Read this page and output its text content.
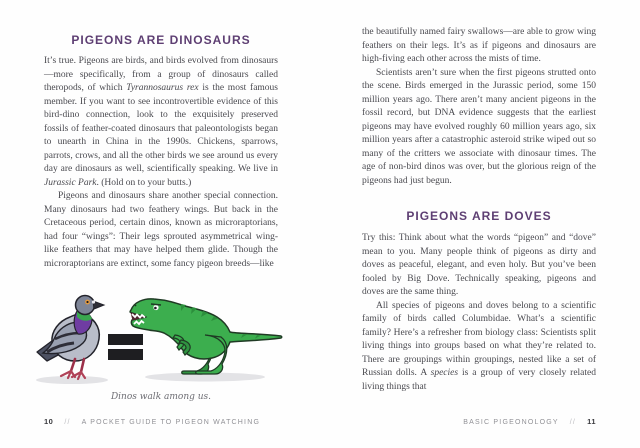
PIGEONS ARE DINOSAURS

It’s true. Pigeons are birds, and birds evolved from dinosaurs—more specifically, from a group of dinosaurs called theropods, of which Tyrannosaurus rex is the most famous member. If you want to see incontrovertible evidence of this bird-dino connection, look to the exquisitely preserved fossils of feather-coated dinosaurs that paleontologists began to unearth in China in the 1990s. Chickens, sparrows, parrots, crows, and all the other birds we see around us every day are dinosaurs as well, scientifically speaking. We live in Jurassic Park. (Hold on to your butts.)

Pigeons and dinosaurs share another special connection. Many dinosaurs had two feathery wings. But back in the Cretaceous period, certain dinos, known as microraptorians, had four “wings”: Their legs sprouted asymmetrical wing-like feathers that may have helped them glide. Though the microraptorians are extinct, some fancy pigeon breeds—like

Dinos walk among us.

the beautifully named fairy swallows—are able to grow wing feathers on their legs. It’s as if pigeons and dinosaurs are high-fiving each other across the mists of time.

Scientists aren’t sure when the first pigeons strutted onto the scene. Birds emerged in the Jurassic period, some 150 million years ago. There aren’t many ancient pigeons in the fossil record, but DNA evidence suggests that the earliest pigeons may have evolved roughly 60 million years ago, six million years after a catastrophic asteroid strike wiped out so many of the critters we associate with dinosaur times. The age of non-bird dinos was over, but the glorious reign of the pigeons had just begun.

PIGEONS ARE DOVES

Try this: Think about what the words “pigeon” and “dove” mean to you. Many people think of pigeons as dirty and doves as peaceful, elegant, and even holy. But you’ve been fooled by Big Dove. Technically speaking, pigeons and doves are the same thing.

All species of pigeons and doves belong to a scientific family of birds called Columbidae. What’s a scientific family? Here’s a refresher from biology class: Scientists split living things into groups based on what they’re related to. There are groupings within groupings, nested like a set of Russian dolls. A species is a group of very closely related living things that

10 // A POCKET GUIDE TO PIGEON WATCHING	BASIC PIGEONOLOGY // 11
